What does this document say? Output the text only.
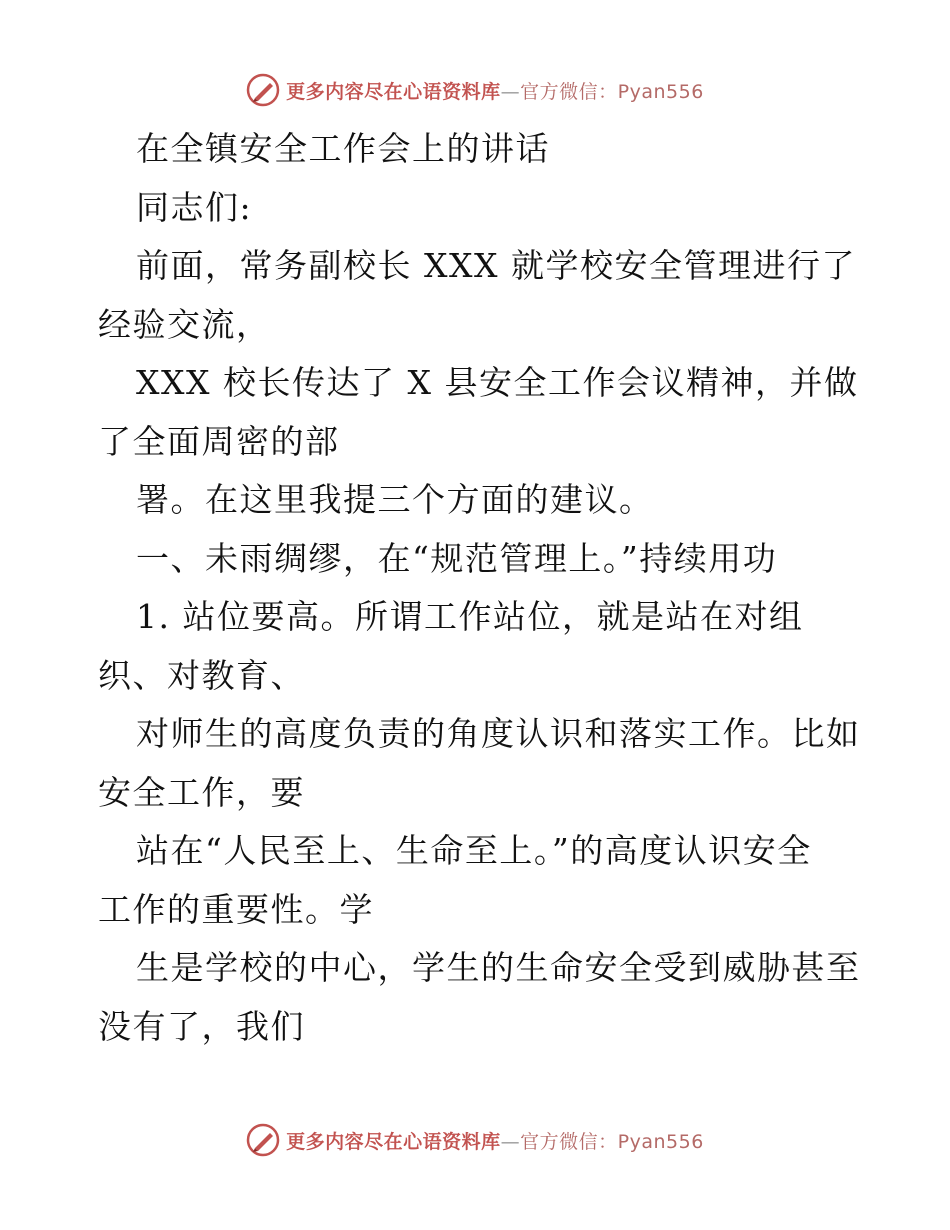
更多内容尽在心语资料库—官方微信：Pyan556
在全镇安全工作会上的讲话
同志们:
前面，常务副校长 XXX 就学校安全管理进行了
经验交流，
XXX 校长传达了 X 县安全工作会议精神，并做
了全面周密的部
署。在这里我提三个方面的建议。
一、未雨绸缪，在“规范管理上。”持续用功
1. 站位要高。所谓工作站位，就是站在对组
织、对教育、
对师生的高度负责的角度认识和落实工作。比如
安全工作，要
站在“人民至上、生命至上。”的高度认识安全
工作的重要性。学
生是学校的中心，学生的生命安全受到威胁甚至
没有了，我们
更多内容尽在心语资料库—官方微信：Pyan556
